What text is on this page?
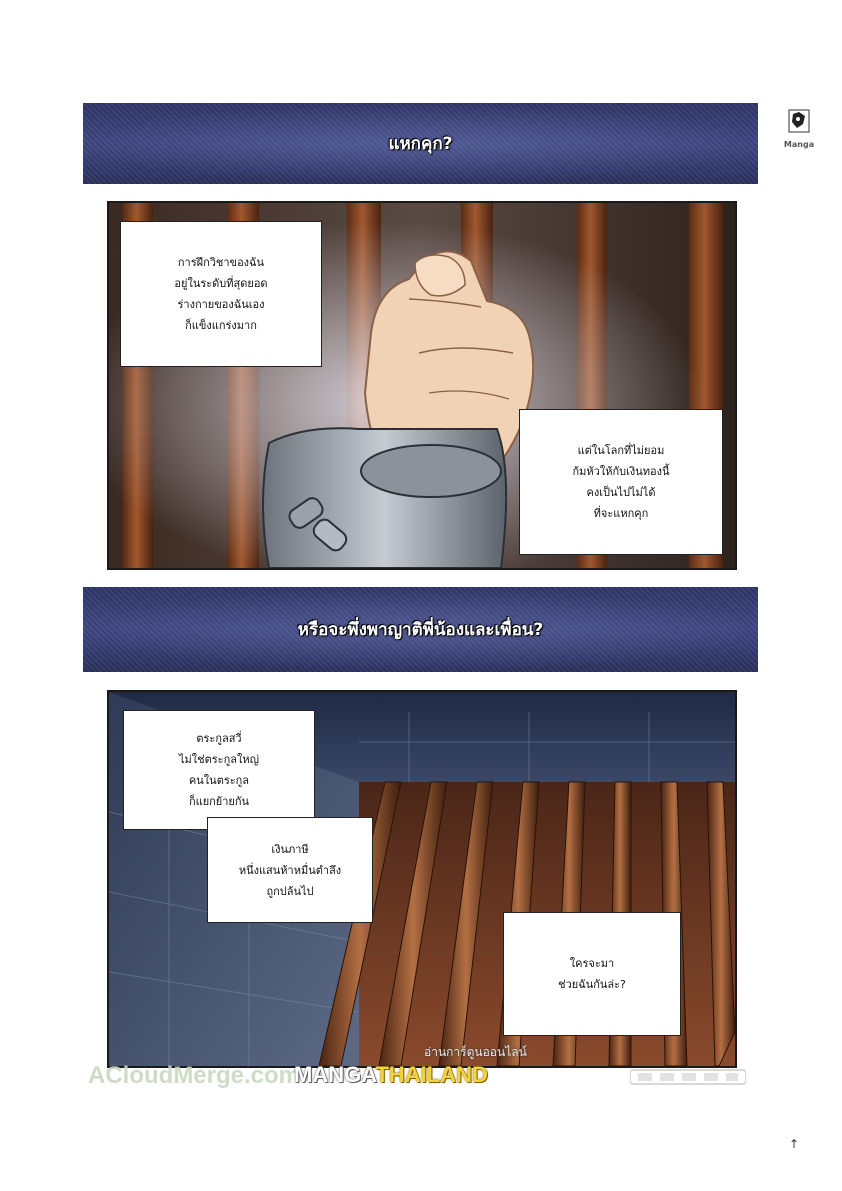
Manga
แหกคุก?
การฝึกวิชาของฉัน
อยู่ในระดับที่สุดยอด
ร่างกายของฉันเอง
ก็แข็งแกร่งมาก
แต่ในโลกที่ไม่ยอม
ก้มหัวให้กับเงินทองนี้
คงเป็นไปไม่ได้
ที่จะแหกคุก
หรือจะพึ่งพาญาติพี่น้องและเพื่อน?
ตระกูลสวี่
ไม่ใช่ตระกูลใหญ่
คนในตระกูล
ก็แยกย้ายกัน
เงินภาษี
หนึ่งแสนห้าหมื่นตำลึง
ถูกปล้นไป
ใครจะมา
ช่วยฉันกันล่ะ?
ACloudMerge.com
อ่านการ์ตูนออนไลน์
MANGATHAILAND
↑
